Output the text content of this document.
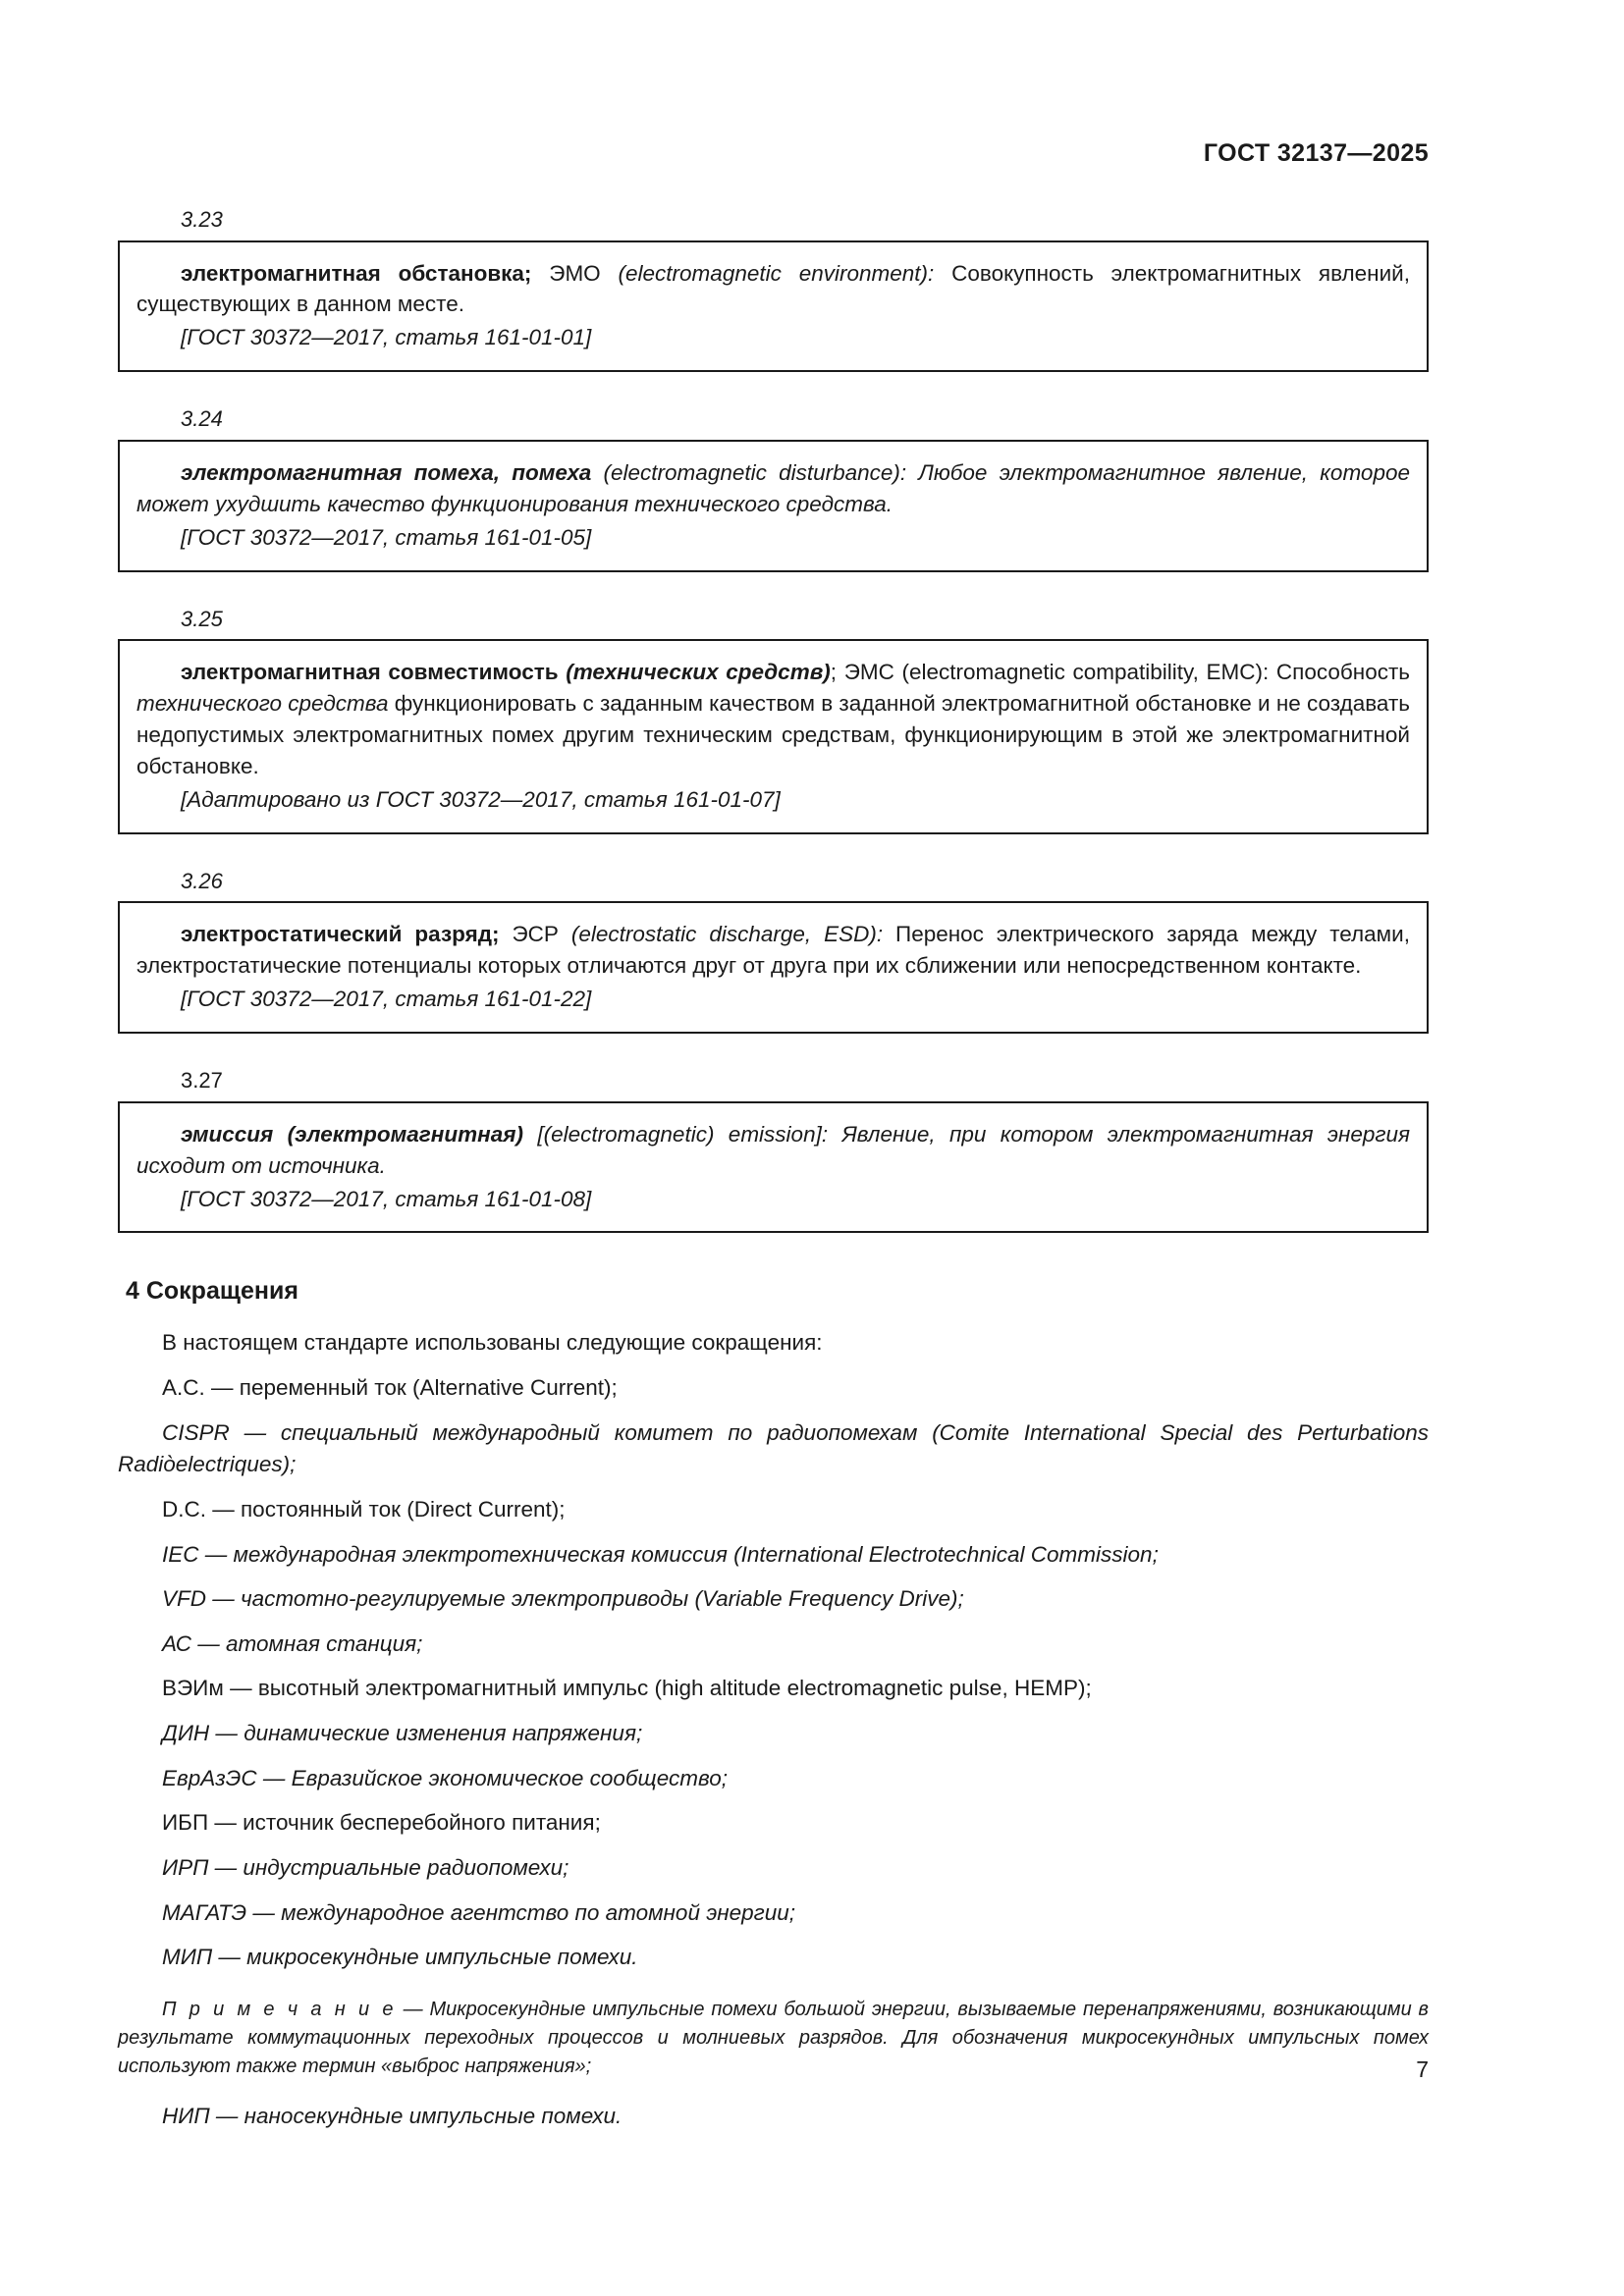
ГОСТ 32137—2025
3.23

электромагнитная обстановка; ЭМО (electromagnetic environment): Совокупность электромагнитных явлений, существующих в данном месте.

[ГОСТ 30372—2017, статья 161-01-01]

3.24

электромагнитная помеха, помеха (electromagnetic disturbance): Любое электромагнитное явление, которое может ухудшить качество функционирования технического средства.

[ГОСТ 30372—2017, статья 161-01-05]

3.25

электромагнитная совместимость (технических средств); ЭМС (electromagnetic compatibility, EMC): Способность технического средства функционировать с заданным качеством в заданной электромагнитной обстановке и не создавать недопустимых электромагнитных помех другим техническим средствам, функционирующим в этой же электромагнитной обстановке.

[Адаптировано из ГОСТ 30372—2017, статья 161-01-07]

3.26

электростатический разряд; ЭСР (electrostatic discharge, ESD): Перенос электрического заряда между телами, электростатические потенциалы которых отличаются друг от друга при их сближении или непосредственном контакте.

[ГОСТ 30372—2017, статья 161-01-22]

3.27

эмиссия (электромагнитная) [(electromagnetic) emission]: Явление, при котором электромагнитная энергия исходит от источника.

[ГОСТ 30372—2017, статья 161-01-08]

4 Сокращения

В настоящем стандарте использованы следующие сокращения:

A.C. — переменный ток (Alternative Current);

CISPR — специальный международный комитет по радиопомехам (Comite International Special des Perturbations Radiòelectriques);

D.C. — постоянный ток (Direct Current);

IEC — международная электротехническая комиссия (International Electrotechnical Commission;

VFD — частотно-регулируемые электроприводы (Variable Frequency Drive);

АС — атомная станция;

ВЭИм — высотный электромагнитный импульс (high altitude electromagnetic pulse, HEMP);

ДИН — динамические изменения напряжения;

ЕврАзЭС — Евразийское экономическое сообщество;

ИБП — источник бесперебойного питания;

ИРП — индустриальные радиопомехи;

МАГАТЭ — международное агентство по атомной энергии;

МИП — микросекундные импульсные помехи.

П р и м е ч а н и е — Микросекундные импульсные помехи большой энергии, вызываемые перенапряжениями, возникающими в результате коммутационных переходных процессов и молниевых разрядов. Для обозначения микросекундных импульсных помех используют также термин «выброс напряжения»;

НИП — наносекундные импульсные помехи.

7
